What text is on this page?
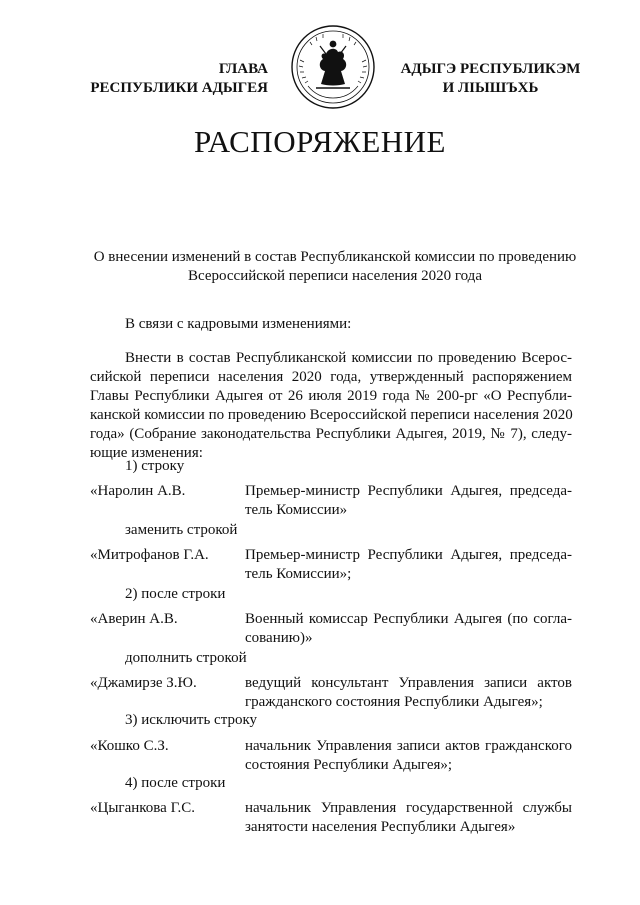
ГЛАВА
РЕСПУБЛИКИ АДЫГЕЯ
АДЫГЭ РЕСПУБЛИКЭМ
И ЛІЫШЪХЬ
РАСПОРЯЖЕНИЕ
О внесении изменений в состав Республиканской комиссии по проведению
Всероссийской переписи населения 2020 года
В связи с кадровыми изменениями:
Внести в состав Республиканской комиссии по проведению Всерос-
сийской переписи населения 2020 года, утвержденный распоряжением
Главы Республики Адыгея от 26 июля 2019 года № 200-рг «О Республи-
канской комиссии по проведению Всероссийской переписи населения 2020
года» (Собрание законодательства Республики Адыгея, 2019, № 7), следу-
ющие изменения:
1) строку
«Наролин А.В.	Премьер-министр Республики Адыгея, председа-
тель Комиссии»
заменить строкой
«Митрофанов Г.А. Премьер-министр Республики Адыгея, председа-
тель Комиссии»;
2) после строки
«Аверин А.В.	Военный комиссар Республики Адыгея (по согла-
сованию)»
дополнить строкой
«Джамирзе З.Ю.	ведущий консультант Управления записи актов
гражданского состояния Республики Адыгея»;
3) исключить строку
«Кошко С.З.	начальник Управления записи актов гражданского
состояния Республики Адыгея»;
4) после строки
«Цыганкова Г.С.	начальник Управления государственной службы
занятости населения Республики Адыгея»
